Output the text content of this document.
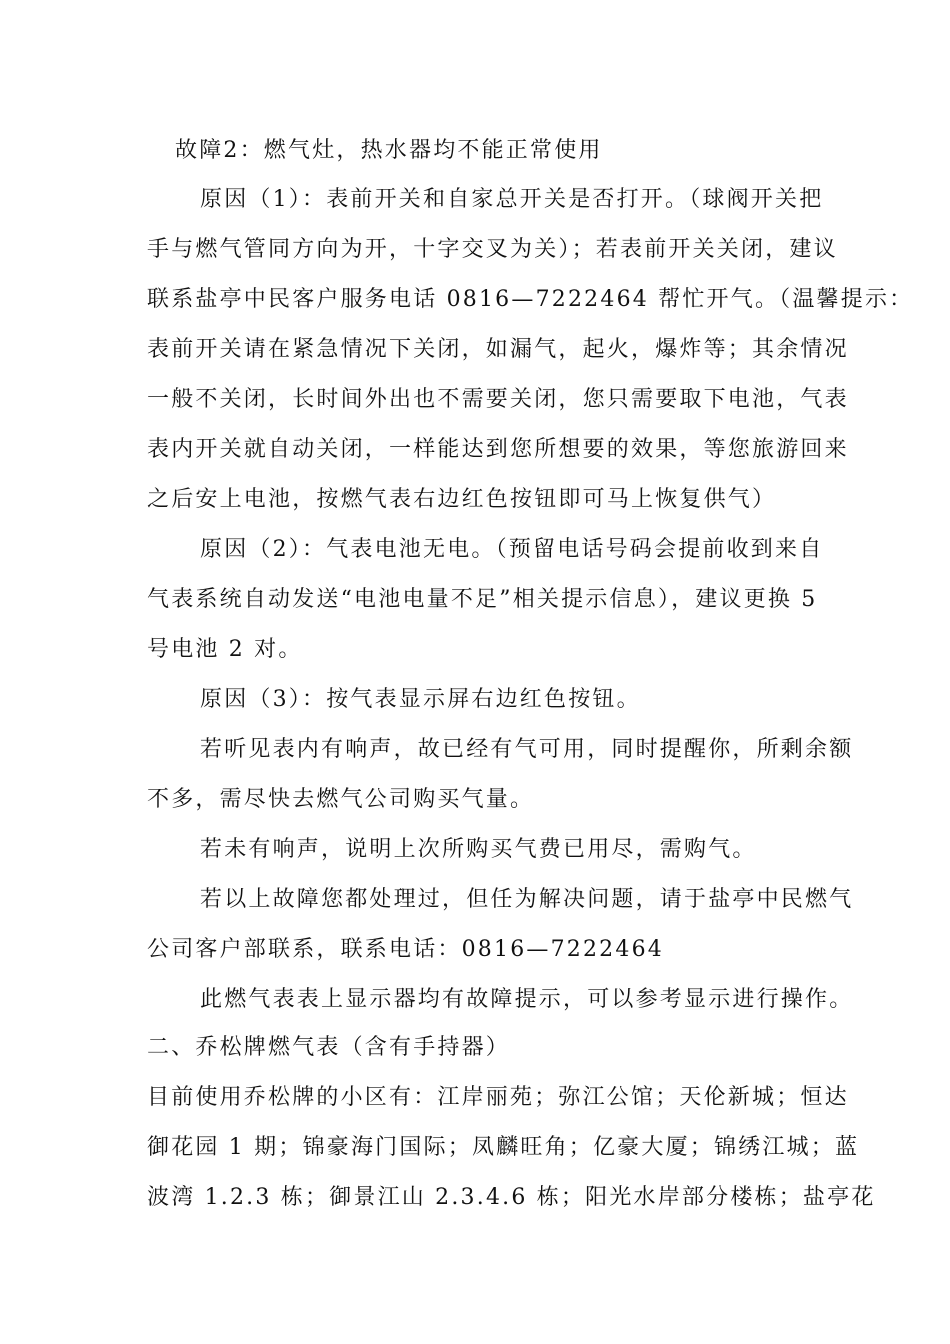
故障2：燃气灶，热水器均不能正常使用
原因（1）：表前开关和自家总开关是否打开。（球阀开关把
手与燃气管同方向为开，十字交叉为关）；若表前开关关闭，建议
联系盐亭中民客户服务电话 0816—7222464 帮忙开气。（温馨提示：
表前开关请在紧急情况下关闭，如漏气，起火，爆炸等；其余情况
一般不关闭，长时间外出也不需要关闭，您只需要取下电池，气表
表内开关就自动关闭，一样能达到您所想要的效果，等您旅游回来
之后安上电池，按燃气表右边红色按钮即可马上恢复供气）
原因（2）：气表电池无电。（预留电话号码会提前收到来自
气表系统自动发送“电池电量不足”相关提示信息），建议更换 5
号电池 2 对。
原因（3）：按气表显示屏右边红色按钮。
若听见表内有响声，故已经有气可用，同时提醒你，所剩余额
不多，需尽快去燃气公司购买气量。
若未有响声，说明上次所购买气费已用尽，需购气。
若以上故障您都处理过，但任为解决问题，请于盐亭中民燃气
公司客户部联系，联系电话：0816—7222464
此燃气表表上显示器均有故障提示，可以参考显示进行操作。
二、乔松牌燃气表（含有手持器）
目前使用乔松牌的小区有：江岸丽苑；弥江公馆；天伦新城；恒达
御花园 1 期；锦豪海门国际；凤麟旺角；亿豪大厦；锦绣江城；蓝
波湾 1.2.3 栋；御景江山 2.3.4.6 栋；阳光水岸部分楼栋；盐亭花
